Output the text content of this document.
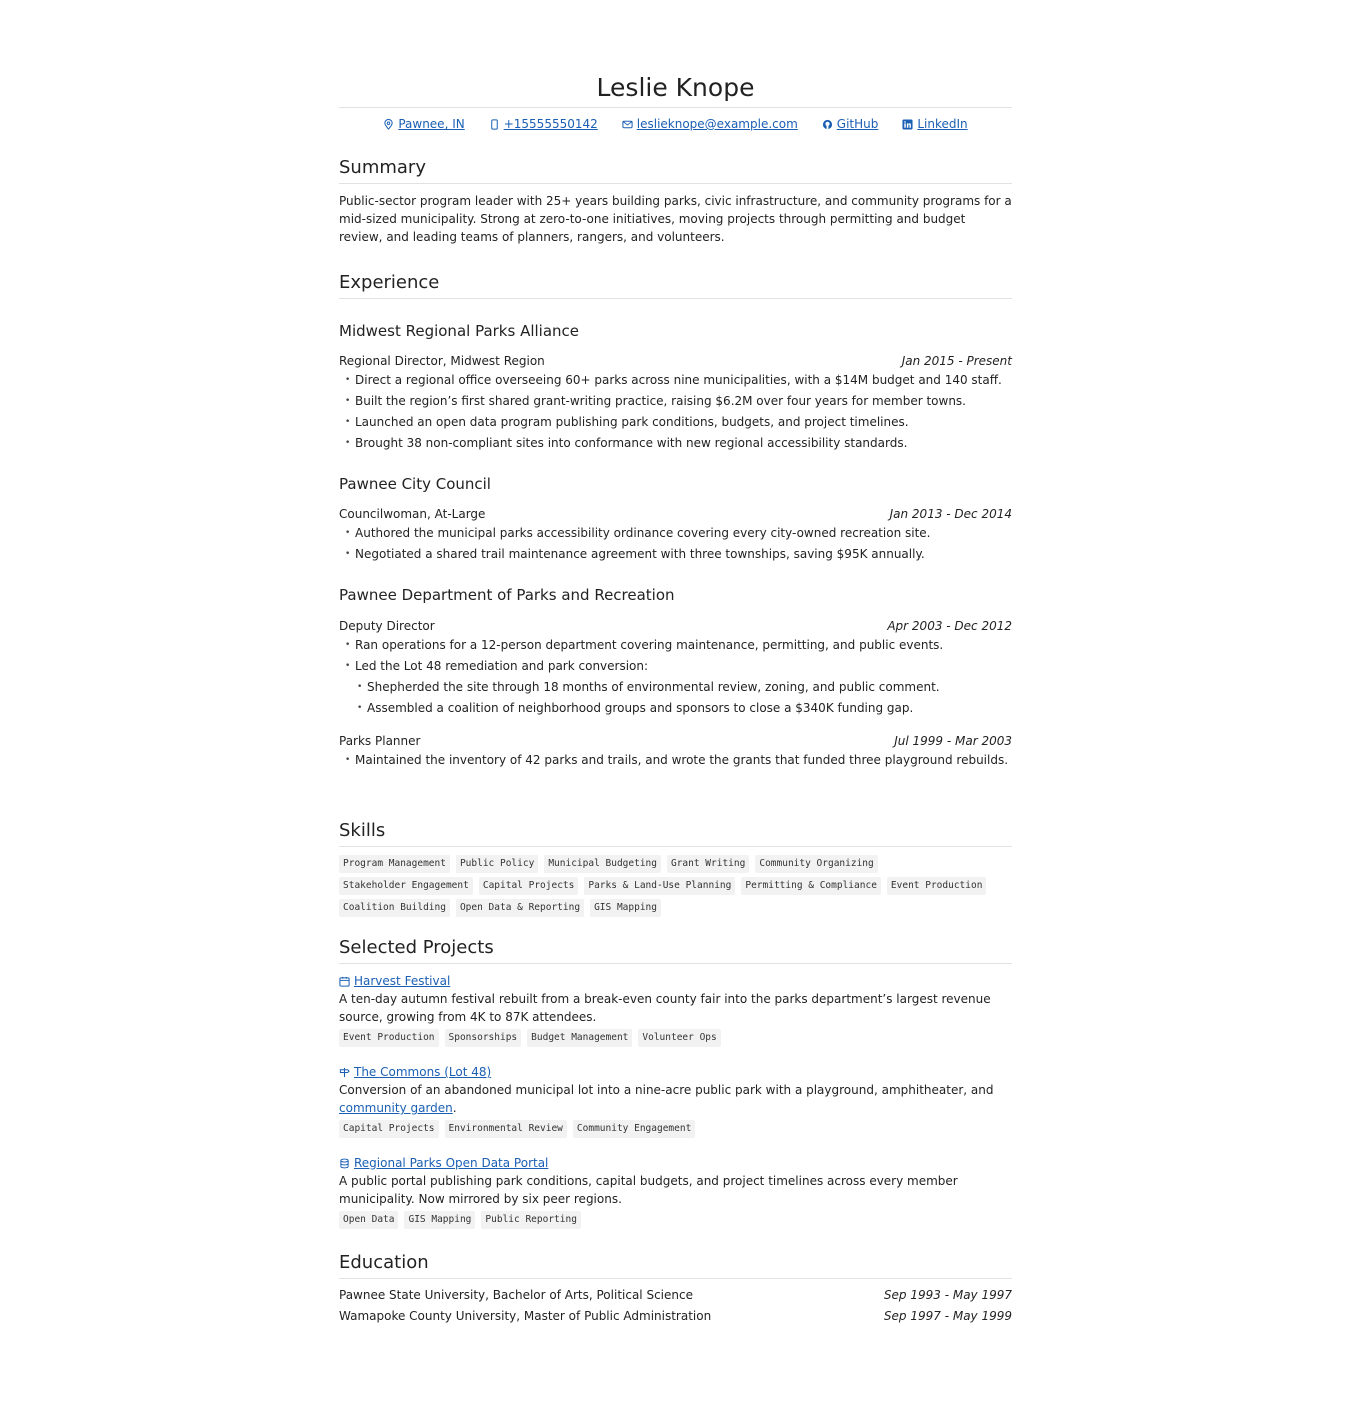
Leslie Knope
Pawnee, IN	+15555550142	leslieknope@example.com	GitHub	LinkedIn
Summary

Public-sector program leader with 25+ years building parks, civic infrastructure, and community programs for a mid-sized municipality. Strong at zero-to-one initiatives, moving projects through permitting and budget review, and leading teams of planners, rangers, and volunteers.

Experience
Midwest Regional Parks Alliance
Regional Director, Midwest Region	Jan 2015 - Present
• Direct a regional office overseeing 60+ parks across nine municipalities, with a $14M budget and 140 staff.
• Built the region’s first shared grant-writing practice, raising $6.2M over four years for member towns.
• Launched an open data program publishing park conditions, budgets, and project timelines.
• Brought 38 non-compliant sites into conformance with new regional accessibility standards.
Pawnee City Council
Councilwoman, At-Large	Jan 2013 - Dec 2014
• Authored the municipal parks accessibility ordinance covering every city-owned recreation site.
• Negotiated a shared trail maintenance agreement with three townships, saving $95K annually.
Pawnee Department of Parks and Recreation
Deputy Director	Apr 2003 - Dec 2012
• Ran operations for a 12-person department covering maintenance, permitting, and public events.
• Led the Lot 48 remediation and park conversion:
• Shepherded the site through 18 months of environmental review, zoning, and public comment.
• Assembled a coalition of neighborhood groups and sponsors to close a $340K funding gap.
Parks Planner	Jul 1999 - Mar 2003
• Maintained the inventory of 42 parks and trails, and wrote the grants that funded three playground rebuilds.
Skills
Program Management	Public Policy	Municipal Budgeting	Grant Writing	Community Organizing
Stakeholder Engagement	Capital Projects	Parks & Land-Use Planning	Permitting & Compliance	Event Production
Coalition Building	Open Data & Reporting	GIS Mapping
Selected Projects
Harvest Festival

A ten-day autumn festival rebuilt from a break-even county fair into the parks department’s largest revenue source, growing from 4K to 87K attendees.

Event Production	Sponsorships	Budget Management	Volunteer Ops
The Commons (Lot 48)

Conversion of an abandoned municipal lot into a nine-acre public park with a playground, amphitheater, and community garden.

Capital Projects	Environmental Review	Community Engagement
Regional Parks Open Data Portal

A public portal publishing park conditions, capital budgets, and project timelines across every member municipality. Now mirrored by six peer regions.

Open Data	GIS Mapping	Public Reporting
Education
Pawnee State University, Bachelor of Arts, Political Science	Sep 1993 - May 1997
Wamapoke County University, Master of Public Administration	Sep 1997 - May 1999
